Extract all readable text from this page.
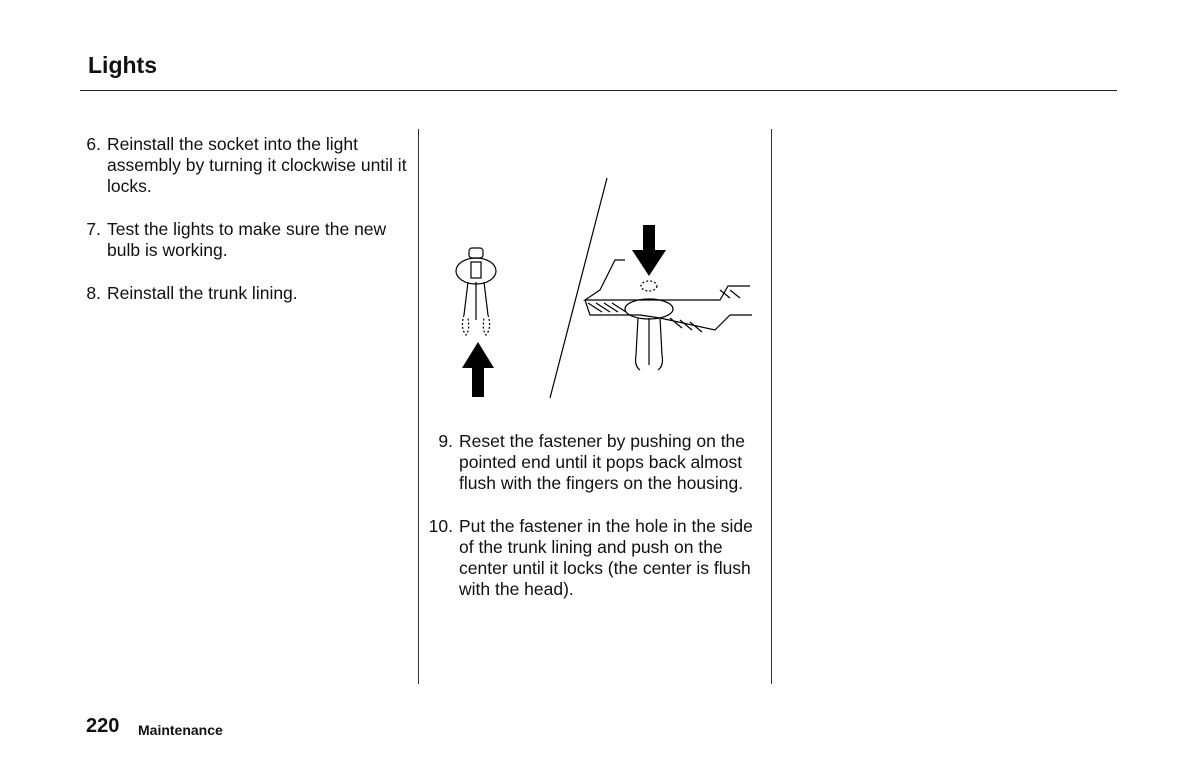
Lights
6. Reinstall the socket into the light assembly by turning it clockwise until it locks.
7. Test the lights to make sure the new bulb is working.
8. Reinstall the trunk lining.
9. Reset the fastener by pushing on the pointed end until it pops back almost flush with the fingers on the housing.
10. Put the fastener in the hole in the side of the trunk lining and push on the center until it locks (the center is flush with the head).
220 Maintenance
